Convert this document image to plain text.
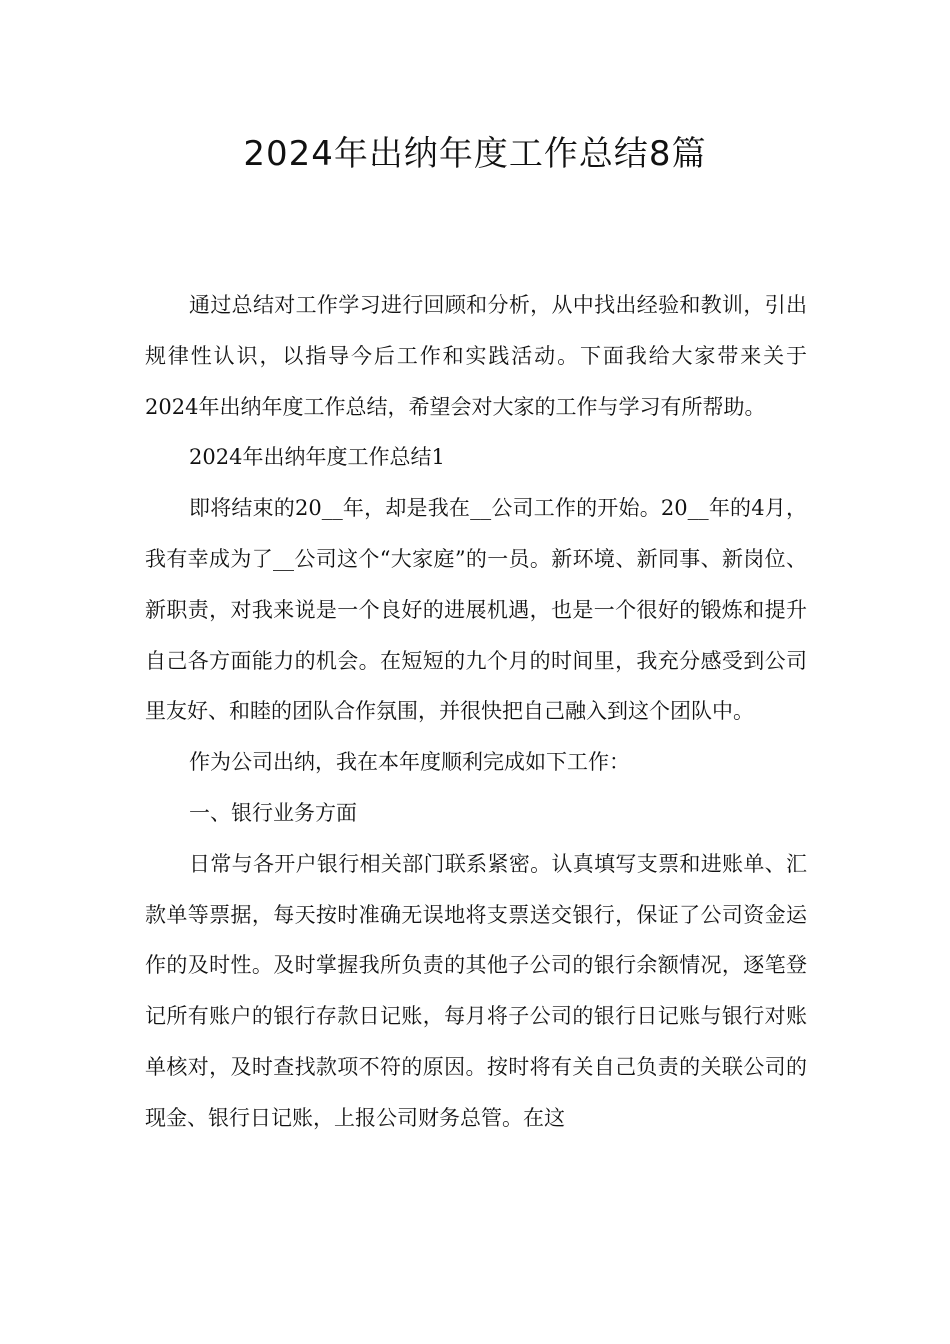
2024年出纳年度工作总结8篇

通过总结对工作学习进行回顾和分析，从中找出经验和教训，引出规律性认识，以指导今后工作和实践活动。下面我给大家带来关于2024年出纳年度工作总结，希望会对大家的工作与学习有所帮助。

2024年出纳年度工作总结1

即将结束的20__年，却是我在__公司工作的开始。20__年的4月，我有幸成为了__公司这个“大家庭”的一员。新环境、新同事、新岗位、新职责，对我来说是一个良好的进展机遇，也是一个很好的锻炼和提升自己各方面能力的机会。在短短的九个月的时间里，我充分感受到公司里友好、和睦的团队合作氛围，并很快把自己融入到这个团队中。

作为公司出纳，我在本年度顺利完成如下工作：

一、银行业务方面

日常与各开户银行相关部门联系紧密。认真填写支票和进账单、汇款单等票据，每天按时准确无误地将支票送交银行，保证了公司资金运作的及时性。及时掌握我所负责的其他子公司的银行余额情况，逐笔登记所有账户的银行存款日记账，每月将子公司的银行日记账与银行对账单核对，及时查找款项不符的原因。按时将有关自己负责的关联公司的现金、银行日记账，上报公司财务总管。在这
